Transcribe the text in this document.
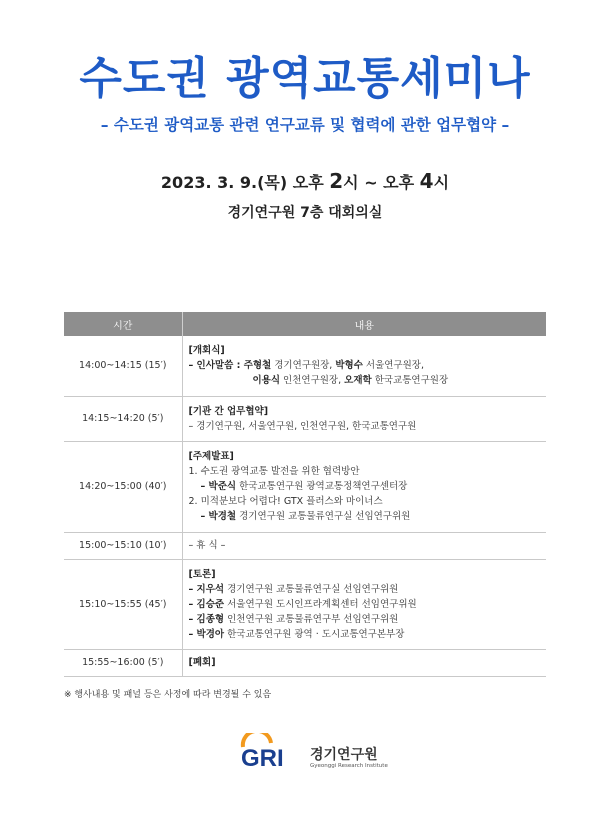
수도권 광역교통세미나
– 수도권 광역교통 관련 연구교류 및 협력에 관한 업무협약 –
2023. 3. 9.(목) 오후 2시 ~ 오후 4시
경기연구원 7층 대회의실
시간	내용
14:00~14:15 (15′)	[개회식]
– 인사말씀 : 주형철 경기연구원장, 박형수 서울연구원장,
이용식 인천연구원장, 오재학 한국교통연구원장

14:15~14:20 (5′)	[기관 간 업무협약]
– 경기연구원, 서울연구원, 인천연구원, 한국교통연구원

14:20~15:00 (40′)	[주제발표]
1. 수도권 광역교통 발전을 위한 협력방안
– 박준식 한국교통연구원 광역교통정책연구센터장
2. 미적분보다 어렵다! GTX 플러스와 마이너스
– 박경철 경기연구원 교통물류연구실 선임연구위원

15:00~15:10 (10′)	– 휴 식 –
15:10~15:55 (45′)	[토론]
– 지우석 경기연구원 교통물류연구실 선임연구위원
– 김승준 서울연구원 도시인프라계획센터 선임연구위원
– 김종형 인천연구원 교통물류연구부 선임연구위원
– 박경아 한국교통연구원 광역 · 도시교통연구본부장

15:55~16:00 (5′)	[폐회]
※ 행사내용 및 패널 등은 사정에 따라 변경될 수 있음
GRI 경기연구원
Gyeonggi Research Institute
